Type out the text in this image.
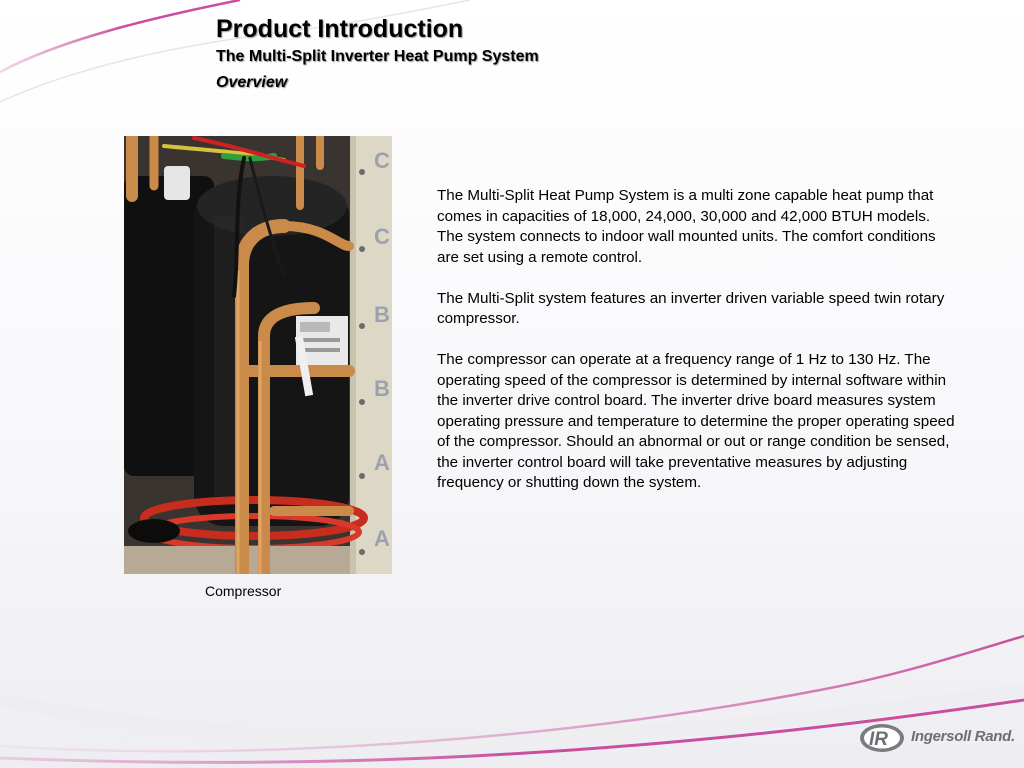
Product Introduction

The Multi-Split Inverter Heat Pump System

Overview

C
C
B
B
A
A
Compressor

The Multi-Split Heat Pump System is a multi zone capable heat pump that comes in capacities of 18,000, 24,000, 30,000 and 42,000 BTUH models. The system connects to indoor wall mounted units. The comfort conditions are set using a remote control.

The Multi-Split system features an inverter driven variable speed twin rotary compressor.

The compressor can operate at a frequency range of 1 Hz to 130 Hz. The operating speed of the compressor is determined by internal software within the inverter drive control board. The inverter drive board measures system operating pressure and temperature to determine the proper operating speed of the compressor. Should an abnormal or out or range condition be sensed, the inverter control board will take preventative measures by adjusting frequency or shutting down the system.

IR Ingersoll Rand.
